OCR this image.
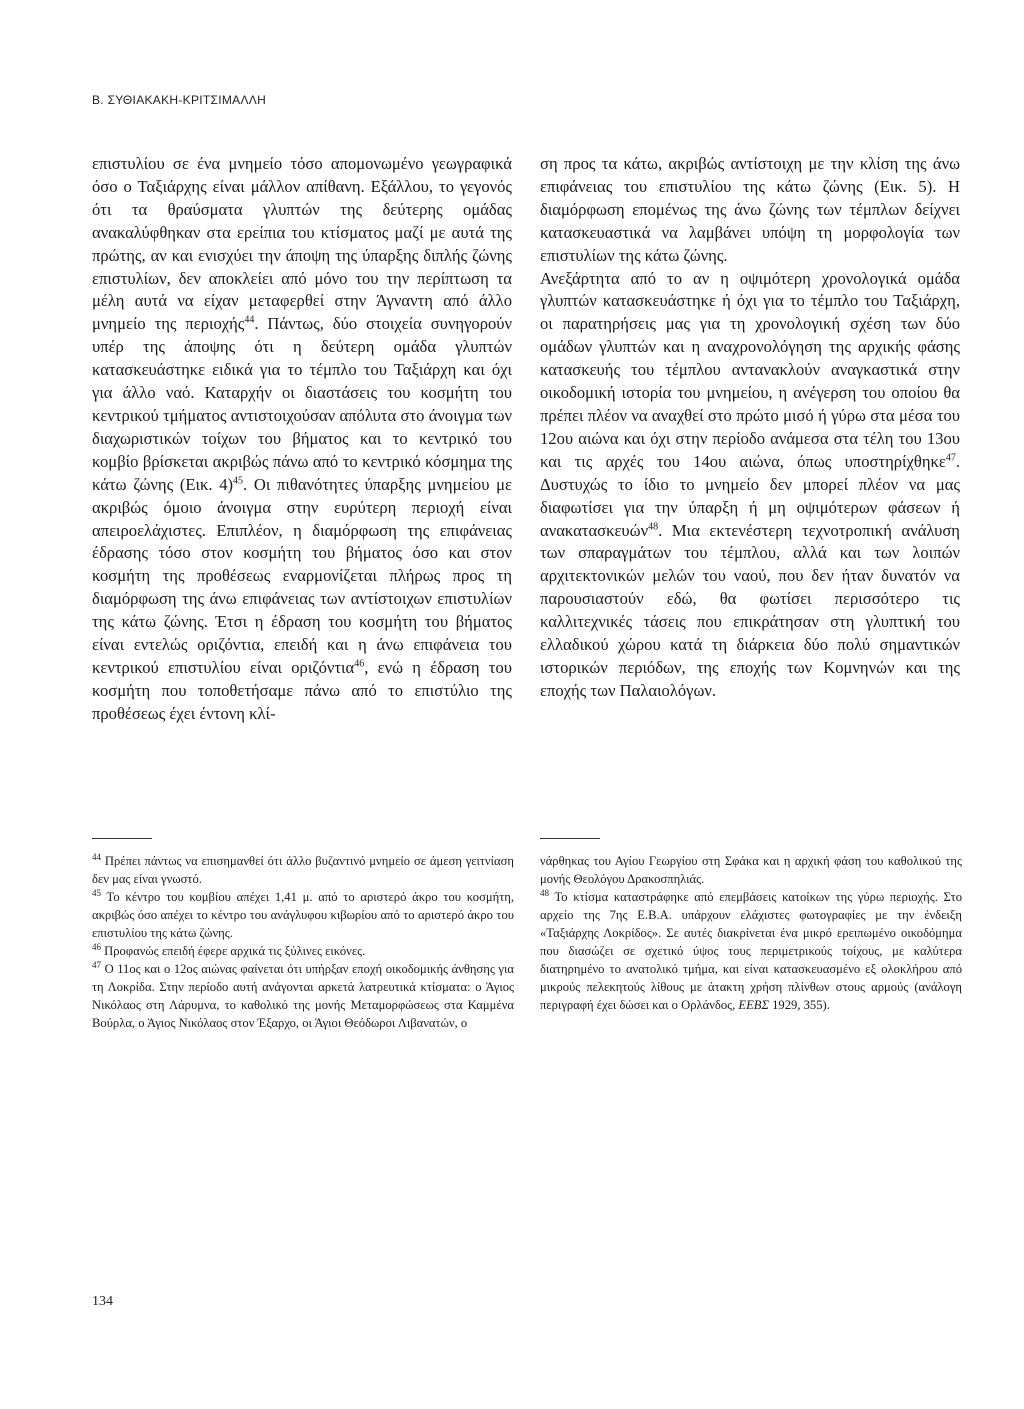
Β. ΣΥΘΙΑΚΑΚΗ-ΚΡΙΤΣΙΜΑΛΛΗ

επιστυλίου σε ένα μνημείο τόσο απομονωμένο γεωγραφικά όσο ο Ταξιάρχης είναι μάλλον απίθανη. Εξάλλου, το γεγονός ότι τα θραύσματα γλυπτών της δεύτερης ομάδας ανακαλύφθηκαν στα ερείπια του κτίσματος μαζί με αυτά της πρώτης, αν και ενισχύει την άποψη της ύπαρξης διπλής ζώνης επιστυλίων, δεν αποκλείει από μόνο του την περίπτωση τα μέλη αυτά να είχαν μεταφερθεί στην Άγναντη από άλλο μνημείο της περιοχής$^{44}$. Πάντως, δύο στοιχεία συνηγορούν υπέρ της άποψης ότι η δεύτερη ομάδα γλυπτών κατασκευάστηκε ειδικά για το τέμπλο του Ταξιάρχη και όχι για άλλο ναό. Καταρχήν οι διαστάσεις του κοσμήτη του κεντρικού τμήματος αντιστοιχούσαν απόλυτα στο άνοιγμα των διαχωριστικών τοίχων του βήματος και το κεντρικό του κομβίο βρίσκεται ακριβώς πάνω από το κεντρικό κόσμημα της κάτω ζώνης (Εικ. 4)$^{45}$. Οι πιθανότητες ύπαρξης μνημείου με ακριβώς όμοιο άνοιγμα στην ευρύτερη περιοχή είναι απειροελάχιστες. Επιπλέον, η διαμόρφωση της επιφάνειας έδρασης τόσο στον κοσμήτη του βήματος όσο και στον κοσμήτη της προθέσεως εναρμονίζεται πλήρως προς τη διαμόρφωση της άνω επιφάνειας των αντίστοιχων επιστυλίων της κάτω ζώνης. Έτσι η έδραση του κοσμήτη του βήματος είναι εντελώς οριζόντια, επειδή και η άνω επιφάνεια του κεντρικού επιστυλίου είναι οριζόντια$^{46}$, ενώ η έδραση του κοσμήτη που τοποθετήσαμε πάνω από το επιστύλιο της προθέσεως έχει έντονη κλί-

ση προς τα κάτω, ακριβώς αντίστοιχη με την κλίση της άνω επιφάνειας του επιστυλίου της κάτω ζώνης (Εικ. 5). Η διαμόρφωση επομένως της άνω ζώνης των τέμπλων δείχνει κατασκευαστικά να λαμβάνει υπόψη τη μορφολογία των επιστυλίων της κάτω ζώνης.

Ανεξάρτητα από το αν η οψιμότερη χρονολογικά ομάδα γλυπτών κατασκευάστηκε ή όχι για το τέμπλο του Ταξιάρχη, οι παρατηρήσεις μας για τη χρονολογική σχέση των δύο ομάδων γλυπτών και η αναχρονολόγηση της αρχικής φάσης κατασκευής του τέμπλου αντανακλούν αναγκαστικά στην οικοδομική ιστορία του μνημείου, η ανέγερση του οποίου θα πρέπει πλέον να αναχθεί στο πρώτο μισό ή γύρω στα μέσα του 12ου αιώνα και όχι στην περίοδο ανάμεσα στα τέλη του 13ου και τις αρχές του 14ου αιώνα, όπως υποστηρίχθηκε$^{47}$. Δυστυχώς το ίδιο το μνημείο δεν μπορεί πλέον να μας διαφωτίσει για την ύπαρξη ή μη οψιμότερων φάσεων ή ανακατασκευών$^{48}$. Μια εκτενέστερη τεχνοτροπική ανάλυση των σπαραγμάτων του τέμπλου, αλλά και των λοιπών αρχιτεκτονικών μελών του ναού, που δεν ήταν δυνατόν να παρουσιαστούν εδώ, θα φωτίσει περισσότερο τις καλλιτεχνικές τάσεις που επικράτησαν στη γλυπτική του ελλαδικού χώρου κατά τη διάρκεια δύο πολύ σημαντικών ιστορικών περιόδων, της εποχής των Κομνηνών και της εποχής των Παλαιολόγων.

$^{44}$ Πρέπει πάντως να επισημανθεί ότι άλλο βυζαντινό μνημείο σε άμεση γειτνίαση δεν μας είναι γνωστό.

$^{45}$ Το κέντρο του κομβίου απέχει 1,41 μ. από το αριστερό άκρο του κοσμήτη, ακριβώς όσο απέχει το κέντρο του ανάγλυφου κιβωρίου από το αριστερό άκρο του επιστυλίου της κάτω ζώνης.

$^{46}$ Προφανώς επειδή έφερε αρχικά τις ξύλινες εικόνες.

$^{47}$ Ο 11ος και ο 12ος αιώνας φαίνεται ότι υπήρξαν εποχή οικοδομικής άνθησης για τη Λοκρίδα. Στην περίοδο αυτή ανάγονται αρκετά λατρευτικά κτίσματα: ο Άγιος Νικόλαος στη Λάρυμνα, το καθολικό της μονής Μεταμορφώσεως στα Καμμένα Βούρλα, ο Άγιος Νικόλαος στον Έξαρχο, οι Άγιοι Θεόδωροι Λιβανατών, ο

νάρθηκας του Αγίου Γεωργίου στη Σφάκα και η αρχική φάση του καθολικού της μονής Θεολόγου Δρακοσπηλιάς.

$^{48}$ Το κτίσμα καταστράφηκε από επεμβάσεις κατοίκων της γύρω περιοχής. Στο αρχείο της 7ης Ε.Β.Α. υπάρχουν ελάχιστες φωτογραφίες με την ένδειξη «Ταξιάρχης Λοκρίδος». Σε αυτές διακρίνεται ένα μικρό ερειπωμένο οικοδόμημα που διασώζει σε σχετικό ύψος τους περιμετρικούς τοίχους, με καλύτερα διατηρημένο το ανατολικό τμήμα, και είναι κατασκευασμένο εξ ολοκλήρου από μικρούς πελεκητούς λίθους με άτακτη χρήση πλίνθων στους αρμούς (ανάλογη περιγραφή έχει δώσει και ο Ορλάνδος, ΕΕΒΣ 1929, 355).

134
